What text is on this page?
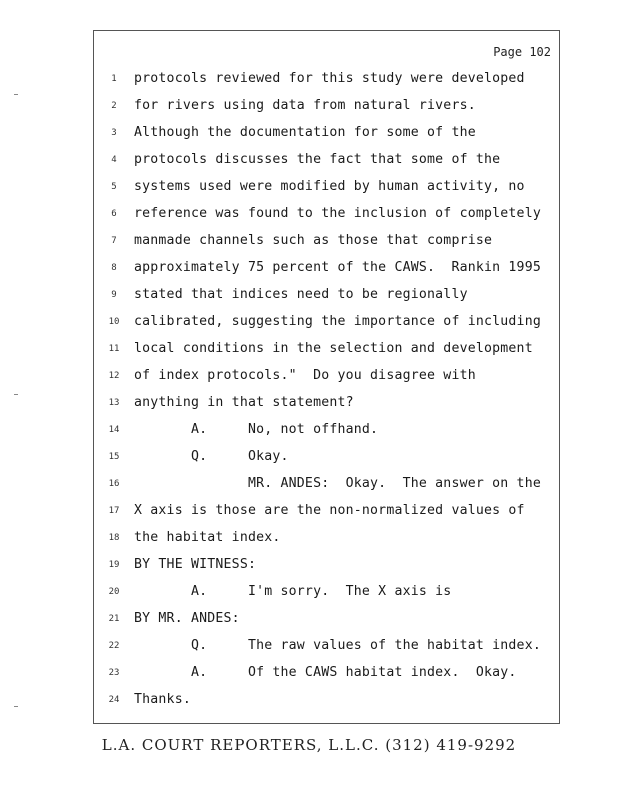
Page 102
1	protocols reviewed for this study were developed
2	for rivers using data from natural rivers.
3	Although the documentation for some of the
4	protocols discusses the fact that some of the
5	systems used were modified by human activity, no
6	reference was found to the inclusion of completely
7	manmade channels such as those that comprise
8	approximately 75 percent of the CAWS.  Rankin 1995
9	stated that indices need to be regionally
10	calibrated, suggesting the importance of including
11	local conditions in the selection and development
12	of index protocols."  Do you disagree with
13	anything in that statement?
14	A.     No, not offhand.
15	Q.     Okay.
16	MR. ANDES:  Okay.  The answer on the
17	X axis is those are the non-normalized values of
18	the habitat index.
19	BY THE WITNESS:
20	A.     I'm sorry.  The X axis is
21	BY MR. ANDES:
22	Q.     The raw values of the habitat index.
23	A.     Of the CAWS habitat index.  Okay.
24	Thanks.
L.A. COURT REPORTERS, L.L.C. (312) 419-9292
